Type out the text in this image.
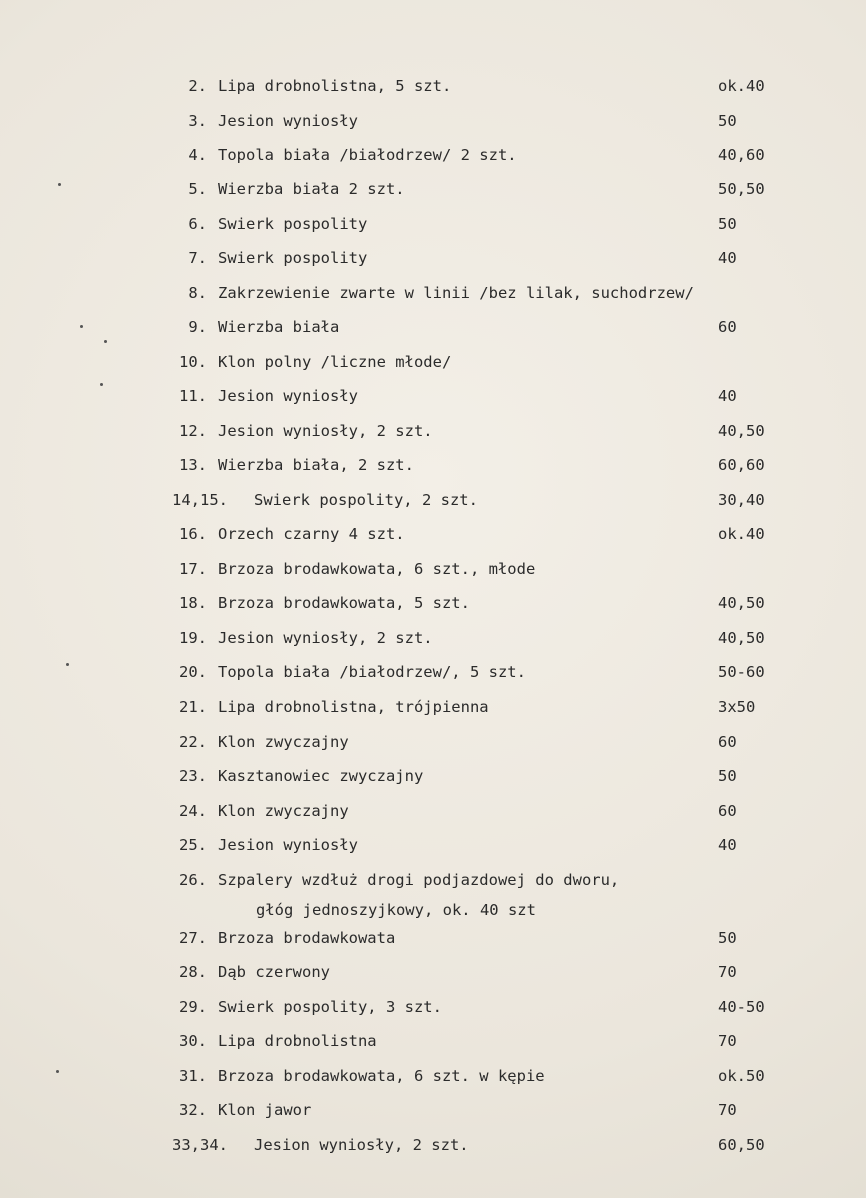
2. Lipa drobnolistna, 5 szt.	ok.40
3. Jesion wyniosły	50
4. Topola biała /białodrzew/ 2 szt.	40,60
5. Wierzba biała 2 szt.	50,50
6. Swierk pospolity	50
7. Swierk pospolity	40
8. Zakrzewienie zwarte w linii /bez lilak, suchodrzew/
9. Wierzba biała	60
10. Klon polny /liczne młode/
11. Jesion wyniosły	40
12. Jesion wyniosły, 2 szt.	40,50
13. Wierzba biała, 2 szt.	60,60
14,15. Swierk pospolity, 2 szt.	30,40
16. Orzech czarny 4 szt.	ok.40
17. Brzoza brodawkowata, 6 szt., młode
18. Brzoza brodawkowata, 5 szt.	40,50
19. Jesion wyniosły, 2 szt.	40,50
20. Topola biała /białodrzew/, 5 szt.	50-60
21. Lipa drobnolistna, trójpienna	3x50
22. Klon zwyczajny	60
23. Kasztanowiec zwyczajny	50
24. Klon zwyczajny	60
25. Jesion wyniosły	40
26. Szpalery wzdłuż drogi podjazdowej do dworu,
głóg jednoszyjkowy, ok. 40 szt
27. Brzoza brodawkowata	50
28. Dąb czerwony	70
29. Swierk pospolity, 3 szt.	40-50
30. Lipa drobnolistna	70
31. Brzoza brodawkowata, 6 szt. w kępie	ok.50
32. Klon jawor	70
33,34. Jesion wyniosły, 2 szt.	60,50
